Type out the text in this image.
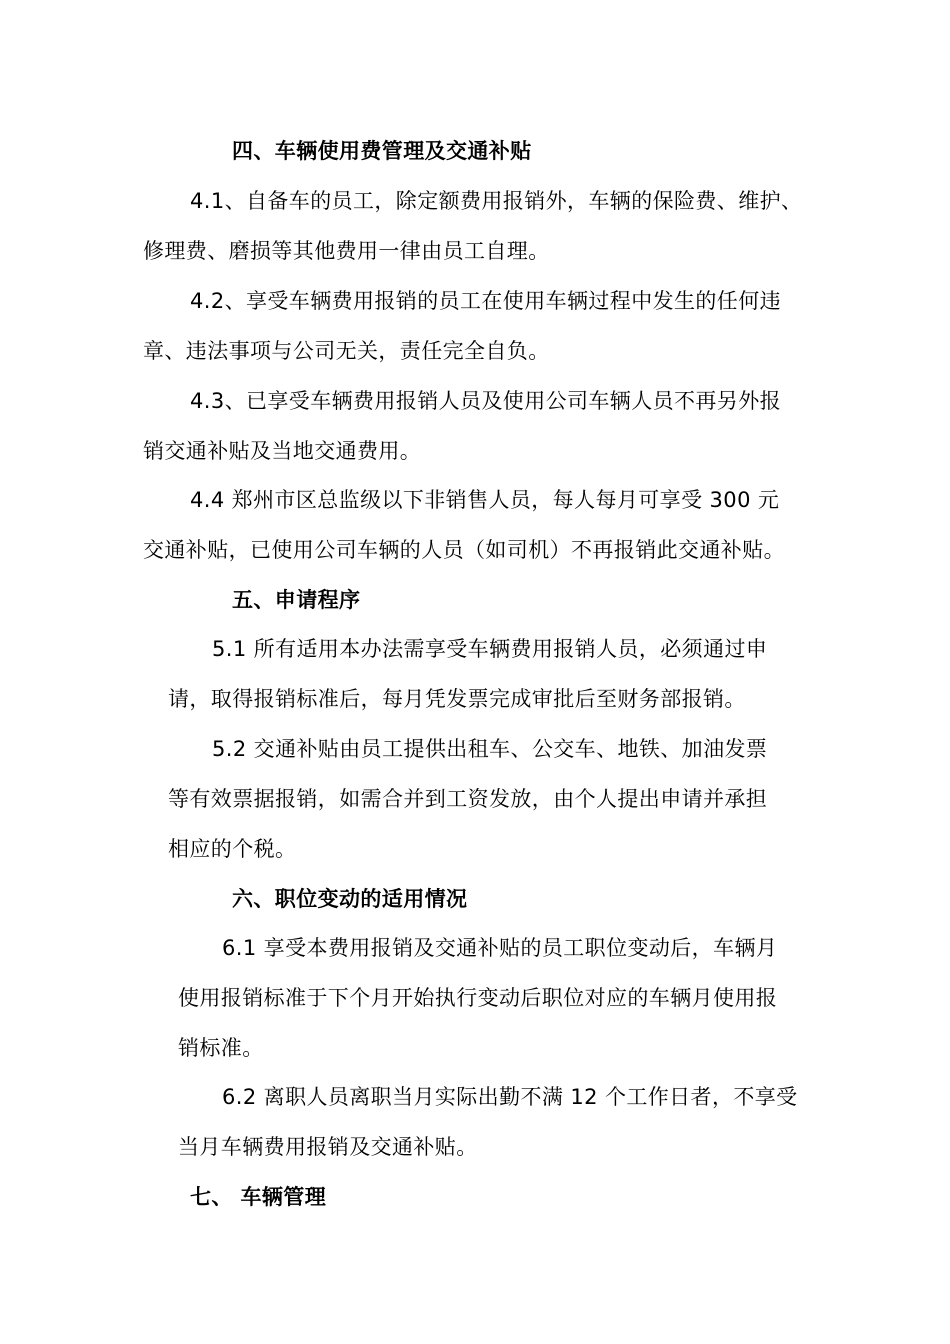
四、车辆使用费管理及交通补贴
4.1、自备车的员工，除定额费用报销外，车辆的保险费、维护、
修理费、磨损等其他费用一律由员工自理。
4.2、享受车辆费用报销的员工在使用车辆过程中发生的任何违
章、违法事项与公司无关，责任完全自负。
4.3、已享受车辆费用报销人员及使用公司车辆人员不再另外报
销交通补贴及当地交通费用。
4.4 郑州市区总监级以下非销售人员，每人每月可享受 300 元
交通补贴，已使用公司车辆的人员（如司机）不再报销此交通补贴。
五、申请程序
5.1 所有适用本办法需享受车辆费用报销人员，必须通过申
请，取得报销标准后，每月凭发票完成审批后至财务部报销。
5.2 交通补贴由员工提供出租车、公交车、地铁、加油发票
等有效票据报销，如需合并到工资发放，由个人提出申请并承担
相应的个税。
六、职位变动的适用情况
6.1 享受本费用报销及交通补贴的员工职位变动后，车辆月
使用报销标准于下个月开始执行变动后职位对应的车辆月使用报
销标准。
6.2 离职人员离职当月实际出勤不满 12 个工作日者，不享受
当月车辆费用报销及交通补贴。
七、 车辆管理
